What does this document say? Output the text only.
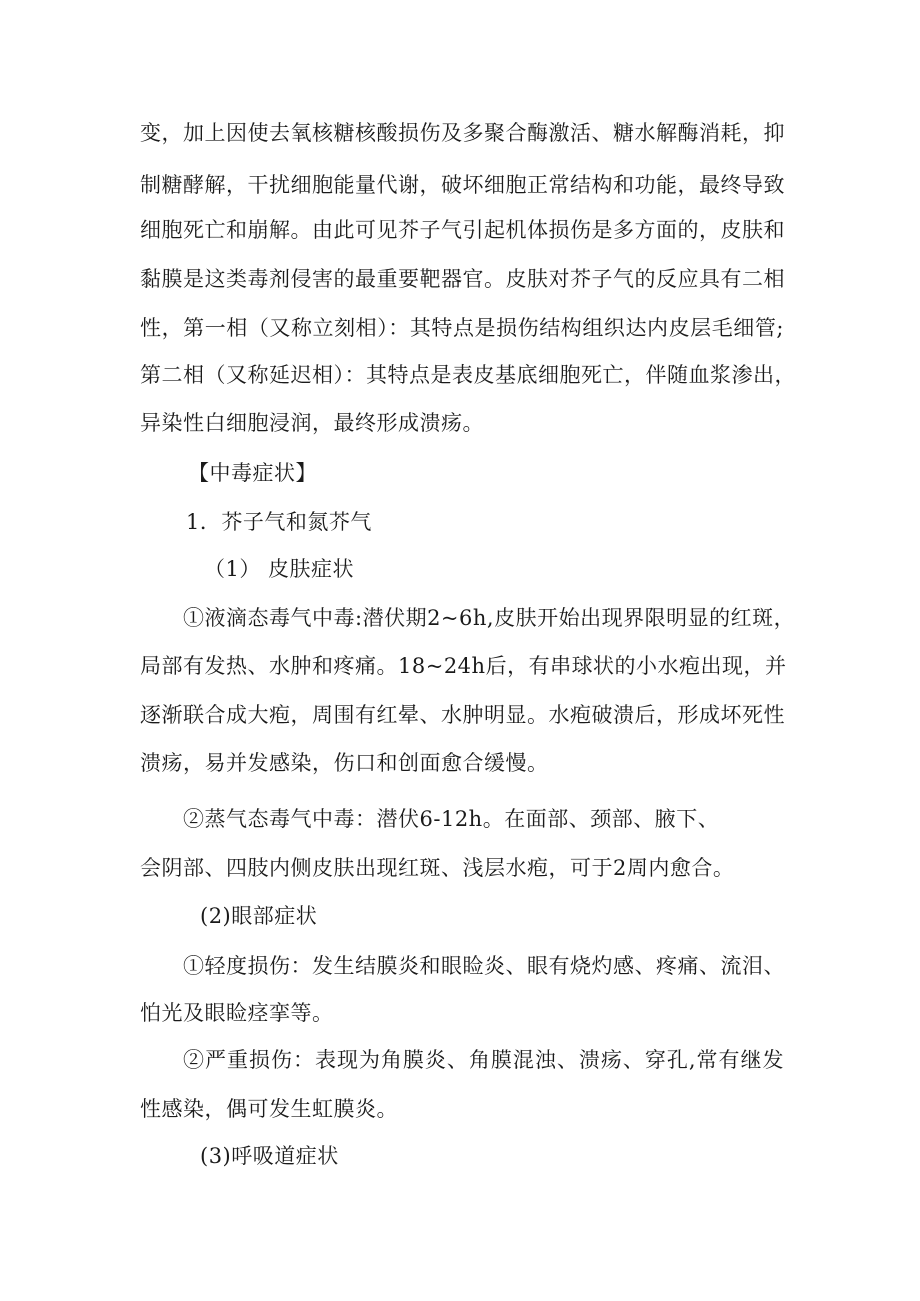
变，加上因使去氧核糖核酸损伤及多聚合酶激活、糖水解酶消耗，抑
制糖酵解，干扰细胞能量代谢，破坏细胞正常结构和功能，最终导致
细胞死亡和崩解。由此可见芥子气引起机体损伤是多方面的，皮肤和
黏膜是这类毒剂侵害的最重要靶器官。皮肤对芥子气的反应具有二相
性，第一相（又称立刻相）：其特点是损伤结构组织达内皮层毛细管;
第二相（又称延迟相）：其特点是表皮基底细胞死亡，伴随血浆渗出，
异染性白细胞浸润，最终形成溃疡。
【中毒症状】
1．芥子气和氮芥气
（1） 皮肤症状
①液滴态毒气中毒:潜伏期2~6h,皮肤开始出现界限明显的红斑，
局部有发热、水肿和疼痛。18~24h后，有串球状的小水疱出现，并
逐渐联合成大疱，周围有红晕、水肿明显。水疱破溃后，形成坏死性
溃疡，易并发感染，伤口和创面愈合缓慢。
②蒸气态毒气中毒：潜伏6-12h。在面部、颈部、腋下、
会阴部、四肢内侧皮肤出现红斑、浅层水疱，可于2周内愈合。
(2)眼部症状
①轻度损伤：发生结膜炎和眼睑炎、眼有烧灼感、疼痛、流泪、
怕光及眼睑痉挛等。
②严重损伤：表现为角膜炎、角膜混浊、溃疡、穿孔,常有继发
性感染，偶可发生虹膜炎。
(3)呼吸道症状
